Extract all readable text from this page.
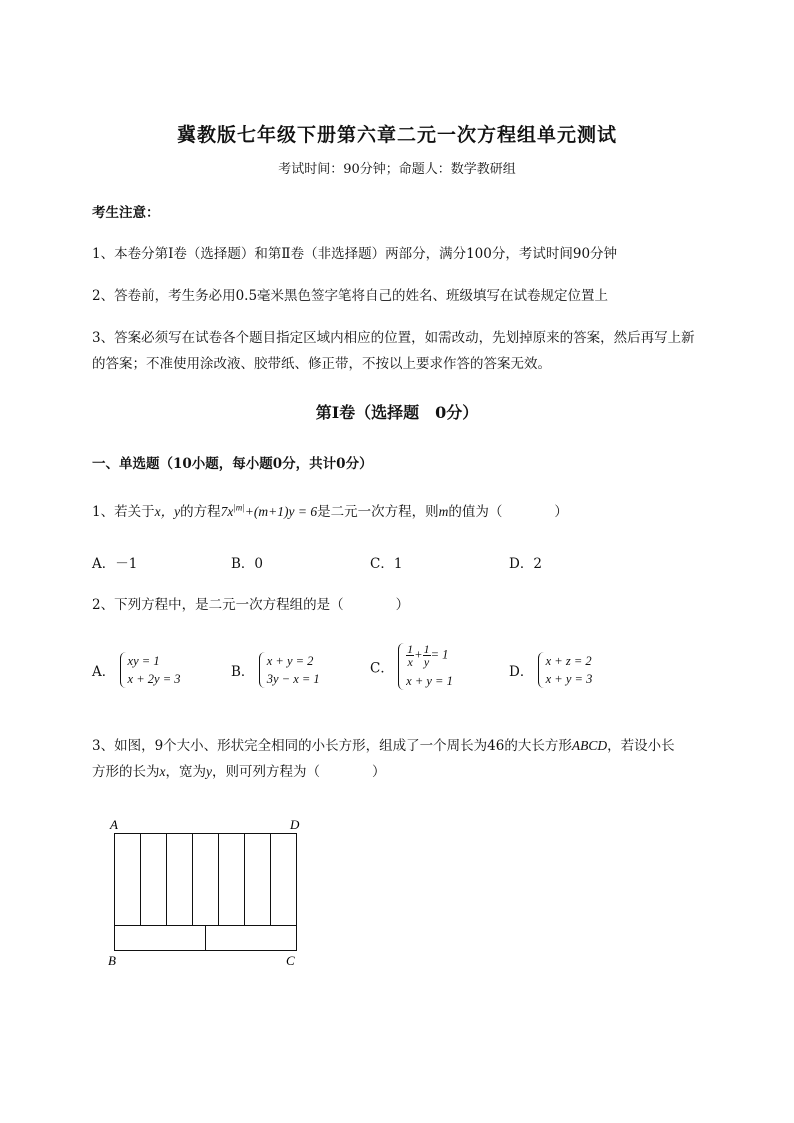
冀教版七年级下册第六章二元一次方程组单元测试
考试时间：90分钟；命题人：数学教研组
考生注意：
1、本卷分第Ⅰ卷（选择题）和第Ⅱ卷（非选择题）两部分，满分100分，考试时间90分钟
2、答卷前，考生务必用0.5毫米黑色签字笔将自己的姓名、班级填写在试卷规定位置上
3、答案必须写在试卷各个题目指定区域内相应的位置，如需改动，先划掉原来的答案，然后再写上新
的答案；不准使用涂改液、胶带纸、修正带，不按以上要求作答的答案无效。
第Ⅰ卷（选择题　0分）
一、单选题（10小题，每小题0分，共计0分）
1、若关于x，y的方程$7x^{|m|}+(m+1)y = 6$是二元一次方程，则m的值为（	）
A．－1	B．0	C．1	D．2
2、下列方程中，是二元一次方程组的是（	）
A．
xy = 1
x + 2y = 3	B．
x + y = 2
3y − x = 1
C．
$\frac{1}{x} + \frac{1}{y} = 1$
x + y = 1
D．
x + z = 2
x + y = 3
3、如图，9个大小、形状完全相同的小长方形，组成了一个周长为46的大长方形ABCD，若设小长
方形的长为x，宽为y，则可列方程为（	）
A	D
B	C
